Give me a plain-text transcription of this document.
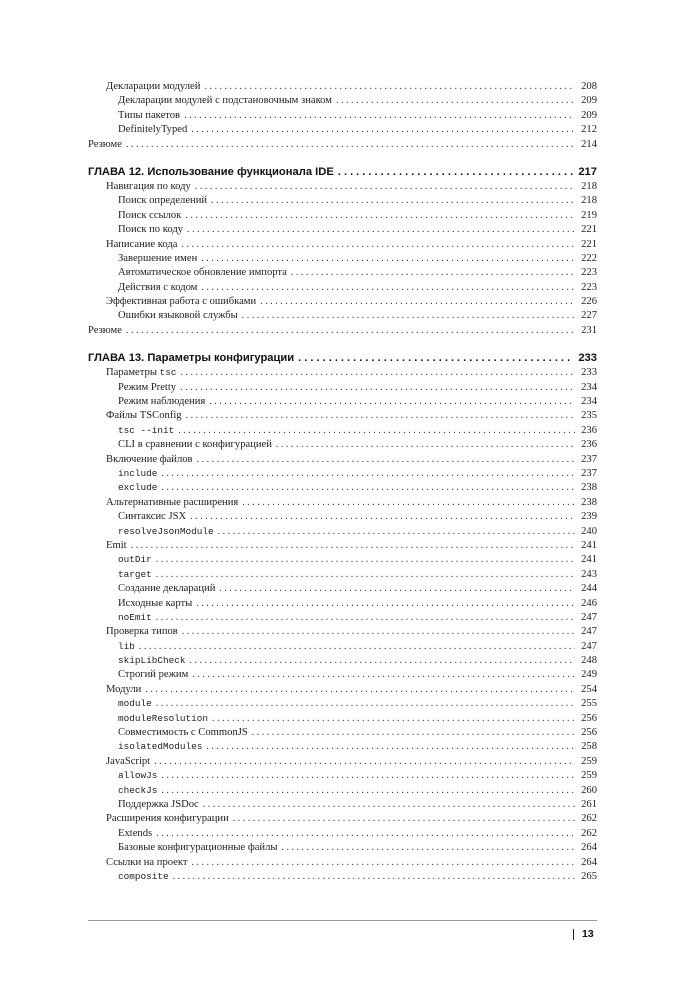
Декларации модулей . . .	208
Декларации модулей с подстановочным знаком . . .	209
Типы пакетов . . .	209
DefinitelyTyped . . .	212
Резюме . . .	214
ГЛАВА 12. Использование функционала IDE . . .	217
Навигация по коду . . .	218
Поиск определений . . .	218
Поиск ссылок . . .	219
Поиск по коду . . .	221
Написание кода . . .	221
Завершение имен . . .	222
Автоматическое обновление импорта . . .	223
Действия с кодом . . .	223
Эффективная работа с ошибками . . .	226
Ошибки языковой службы . . .	227
Резюме . . .	231
ГЛАВА 13. Параметры конфигурации . . .	233
Параметры tsc . . .	233
Режим Pretty . . .	234
Режим наблюдения . . .	234
Файлы TSConfig . . .	235
tsc --init . . .	236
CLI в сравнении с конфигурацией . . .	236
Включение файлов . . .	237
include . . .	237
exclude . . .	238
Альтернативные расширения . . .	238
Синтаксис JSX . . .	239
resolveJsonModule . . .	240
Emit . . .	241
outDir . . .	241
target . . .	243
Создание деклараций . . .	244
Исходные карты . . .	246
noEmit . . .	247
Проверка типов . . .	247
lib . . .	247
skipLibCheck . . .	248
Строгий режим . . .	249
Модули . . .	254
module . . .	255
moduleResolution . . .	256
Совместимость с CommonJS . . .	256
isolatedModules . . .	258
JavaScript . . .	259
allowJs . . .	259
checkJs . . .	260
Поддержка JSDoc . . .	261
Расширения конфигурации . . .	262
Extends . . .	262
Базовые конфигурационные файлы . . .	264
Ссылки на проект . . .	264
composite . . .	265
13
